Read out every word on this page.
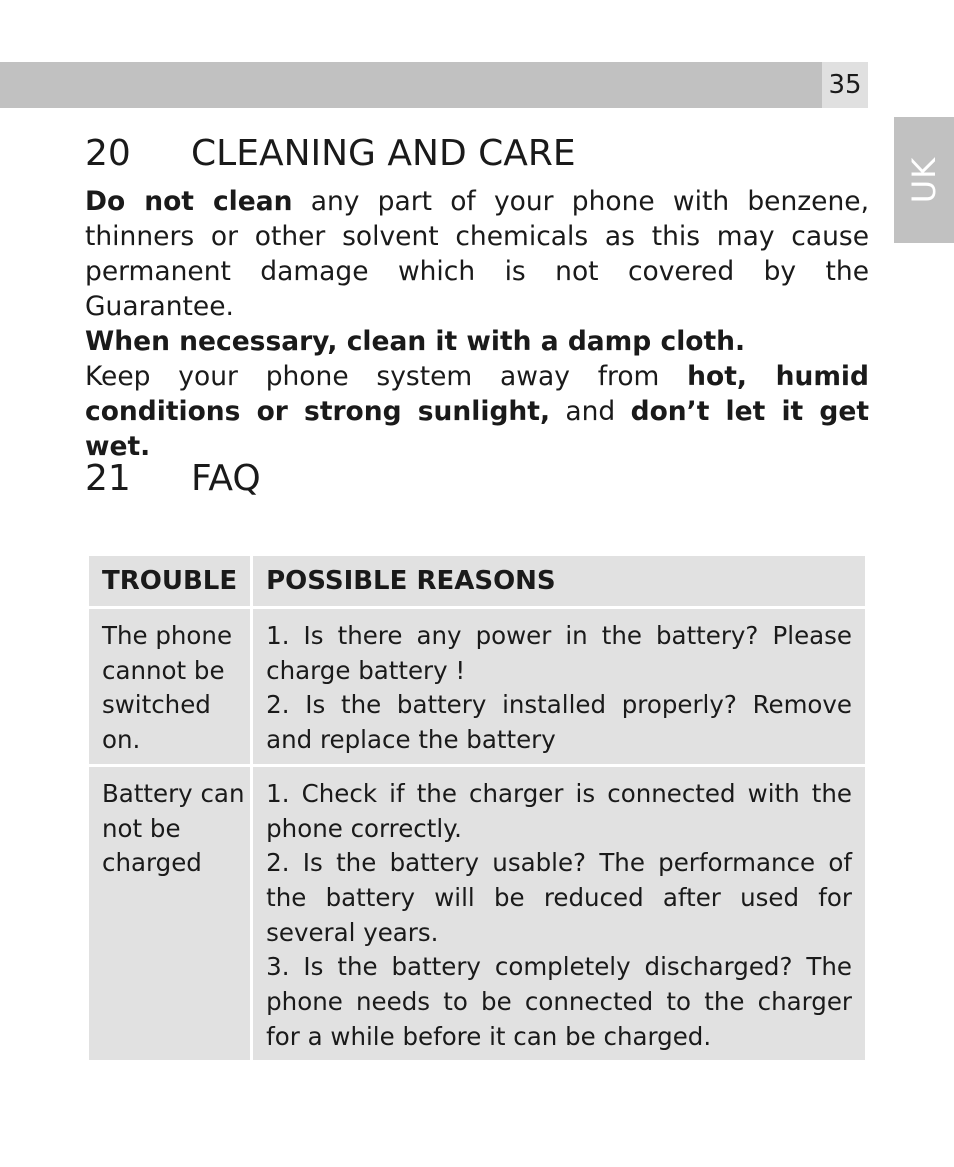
35
UK
20 CLEANING AND CARE

Do not clean any part of your phone with benzene, thinners or other solvent chemicals as this may cause permanent damage which is not covered by the Guarantee.

When necessary, clean it with a damp cloth.

Keep your phone system away from hot, humid conditions or strong sunlight, and don’t let it get wet.

21 FAQ
TROUBLE	POSSIBLE REASONS
The phone cannot be switched on.	1. Is there any power in the battery? Please charge battery !

2. Is the battery installed properly? Remove and replace the battery

Battery can not be charged	1. Check if the charger is connected with the phone correctly.

2. Is the battery usable? The performance of the battery will be reduced after used for several years.

3. Is the battery completely discharged? The phone needs to be connected to the charger for a while before it can be charged.
